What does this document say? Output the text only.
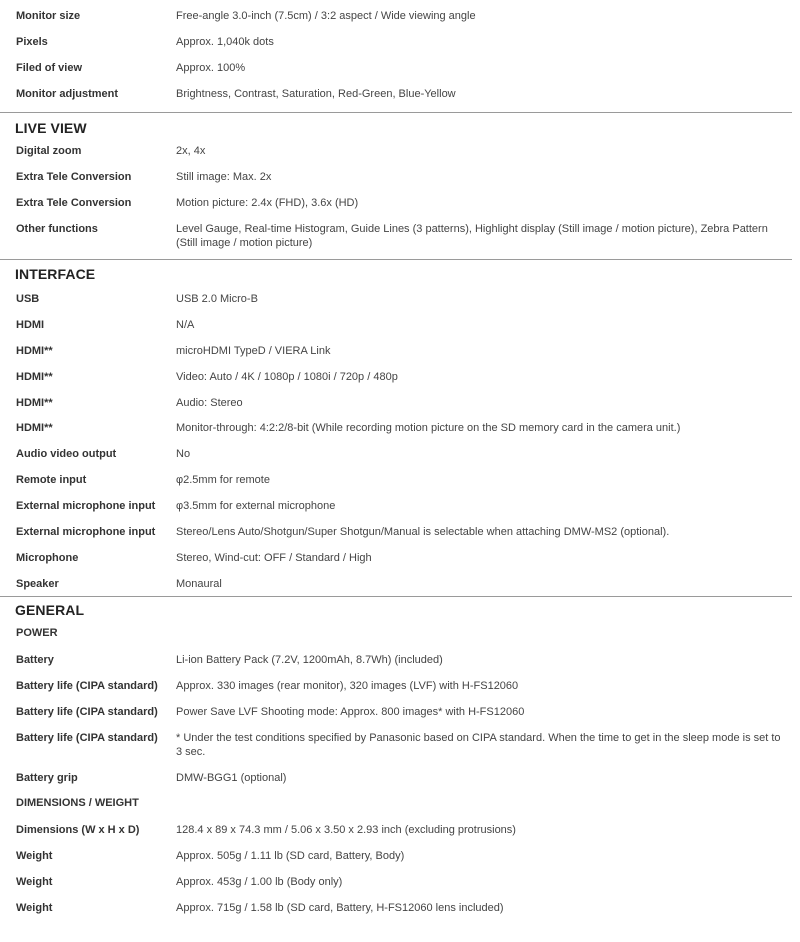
Monitor size	Free-angle 3.0-inch (7.5cm) / 3:2 aspect / Wide viewing angle
Pixels	Approx. 1,040k dots
Filed of view	Approx. 100%
Monitor adjustment	Brightness, Contrast, Saturation, Red-Green, Blue-Yellow
LIVE VIEW
Digital zoom	2x, 4x
Extra Tele Conversion	Still image: Max. 2x
Extra Tele Conversion	Motion picture: 2.4x (FHD), 3.6x (HD)
Other functions	Level Gauge, Real-time Histogram, Guide Lines (3 patterns), Highlight display (Still image / motion picture), Zebra Pattern (Still image / motion picture)
INTERFACE
USB	USB 2.0 Micro-B
HDMI	N/A
HDMI**	microHDMI TypeD / VIERA Link
HDMI**	Video: Auto / 4K / 1080p / 1080i / 720p / 480p
HDMI**	Audio: Stereo
HDMI**	Monitor-through: 4:2:2/8-bit (While recording motion picture on the SD memory card in the camera unit.)
Audio video output	No
Remote input	φ2.5mm for remote
External microphone input	φ3.5mm for external microphone
External microphone input	Stereo/Lens Auto/Shotgun/Super Shotgun/Manual is selectable when attaching DMW-MS2 (optional).
Microphone	Stereo, Wind-cut: OFF / Standard / High
Speaker	Monaural
GENERAL
POWER
Battery	Li-ion Battery Pack (7.2V, 1200mAh, 8.7Wh) (included)
Battery life (CIPA standard)	Approx. 330 images (rear monitor), 320 images (LVF) with H-FS12060
Battery life (CIPA standard)	Power Save LVF Shooting mode: Approx. 800 images* with H-FS12060
Battery life (CIPA standard)	* Under the test conditions specified by Panasonic based on CIPA standard. When the time to get in the sleep mode is set to 3 sec.
Battery grip	DMW-BGG1 (optional)
DIMENSIONS / WEIGHT
Dimensions (W x H x D)	128.4 x 89 x 74.3 mm / 5.06 x 3.50 x 2.93 inch (excluding protrusions)
Weight	Approx. 505g / 1.11 lb (SD card, Battery, Body)
Weight	Approx. 453g / 1.00 lb (Body only)
Weight	Approx. 715g / 1.58 lb (SD card, Battery, H-FS12060 lens included)
